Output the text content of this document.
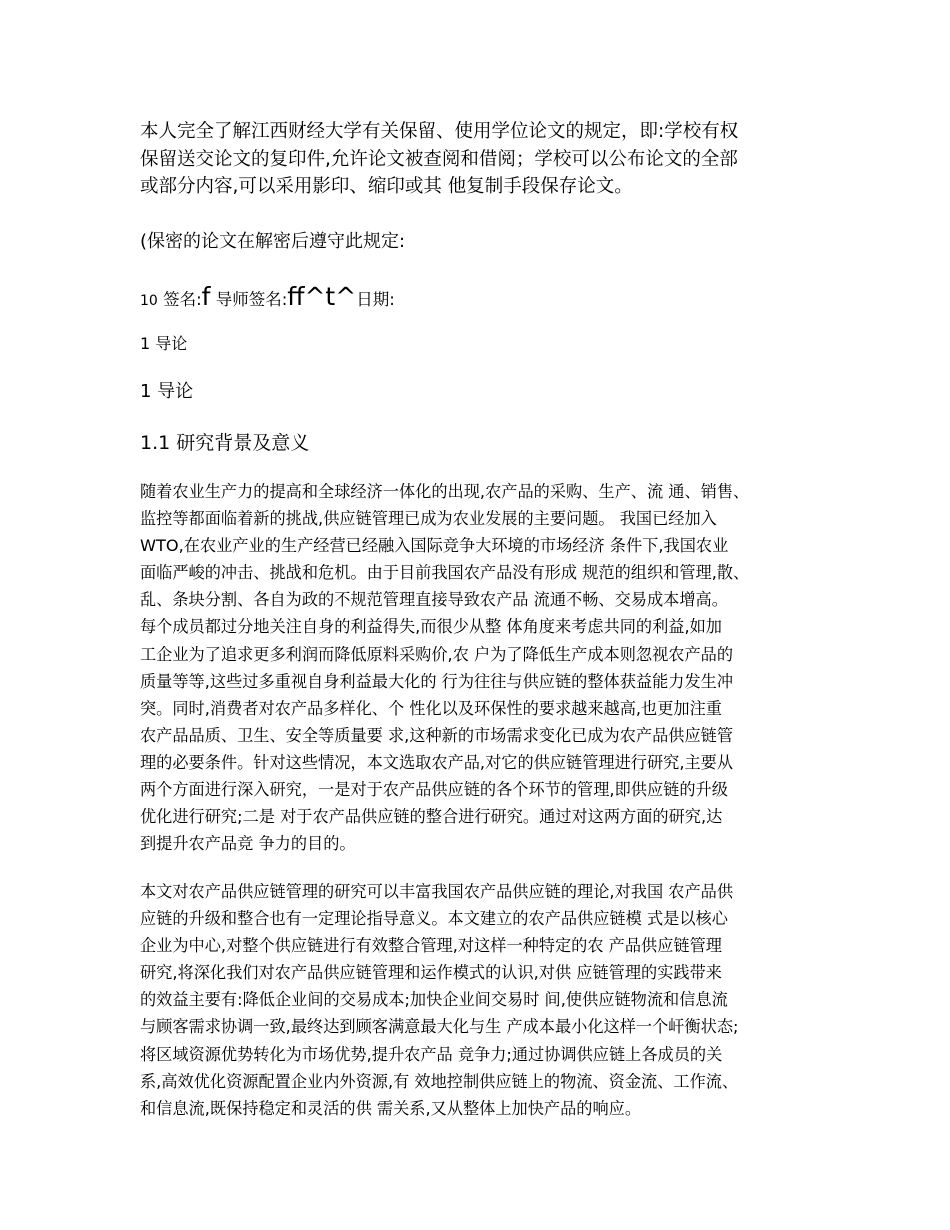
本人完全了解江西财经大学有关保留、使用学位论文的规定，即:学校有权
保留送交论文的复印件,允许论文被查阅和借阅；学校可以公布论文的全部
或部分内容,可以采用影印、缩印或其 他复制手段保存论文。
(保密的论文在解密后遵守此规定:
10 签名:f 导师签名:ff^t^日期:
1 导论
1 导论
1.1 研究背景及意义
随着农业生产力的提高和全球经济一体化的出现,农产品的采购、生产、流 通、销售、
监控等都面临着新的挑战,供应链管理已成为农业发展的主要问题。 我国已经加入
WTO,在农业产业的生产经营已经融入国际竞争大环境的市场经济 条件下,我国农业
面临严峻的冲击、挑战和危机。由于目前我国农产品没有形成 规范的组织和管理,散、
乱、条块分割、各自为政的不规范管理直接导致农产品 流通不畅、交易成本增高。
每个成员都过分地关注自身的利益得失,而很少从整 体角度来考虑共同的利益,如加
工企业为了追求更多利润而降低原料采购价,农 户为了降低生产成本则忽视农产品的
质量等等,这些过多重视自身利益最大化的 行为往往与供应链的整体获益能力发生冲
突。同时,消费者对农产品多样化、个 性化以及环保性的要求越来越高,也更加注重
农产品品质、卫生、安全等质量要 求,这种新的市场需求变化已成为农产品供应链管
理的必要条件。针对这些情况，本文选取农产品,对它的供应链管理进行研究,主要从
两个方面进行深入研究，一是对于农产品供应链的各个环节的管理,即供应链的升级
优化进行研究;二是 对于农产品供应链的整合进行研究。通过对这两方面的研究,达
到提升农产品竞 争力的目的。
本文对农产品供应链管理的研究可以丰富我国农产品供应链的理论,对我国 农产品供
应链的升级和整合也有一定理论指导意义。本文建立的农产品供应链模 式是以核心
企业为中心,对整个供应链进行有效整合管理,对这样一种特定的农 产品供应链管理
研究,将深化我们对农产品供应链管理和运作模式的认识,对供 应链管理的实践带来
的效益主要有:降低企业间的交易成本;加快企业间交易时 间,使供应链物流和信息流
与顾客需求协调一致,最终达到顾客满意最大化与生 产成本最小化这样一个屽衡状态;
将区域资源优势转化为市场优势,提升农产品 竞争力;通过协调供应链上各成员的关
系,高效优化资源配置企业内外资源,有 效地控制供应链上的物流、资金流、工作流、
和信息流,既保持稳定和灵活的供 需关系,又从整体上加快产品的响应。
